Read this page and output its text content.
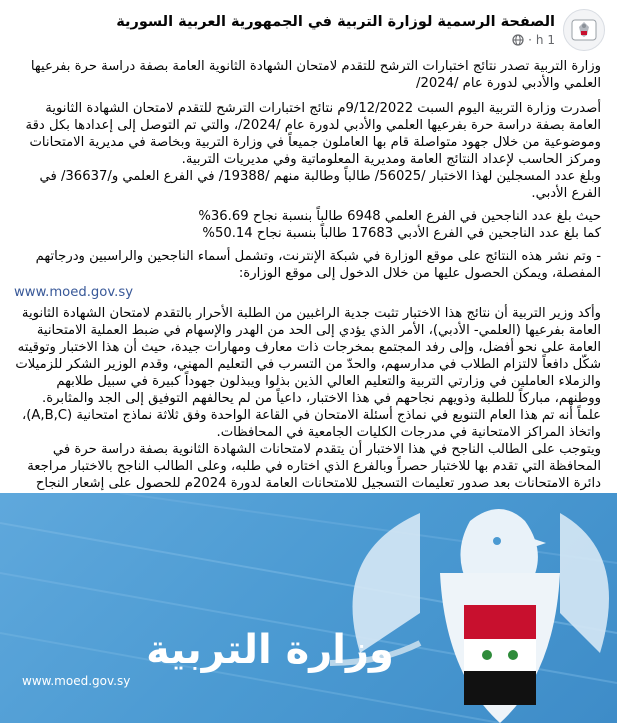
الصفحة الرسمية لوزارة التربية في الجمهورية العربية السورية
1 h
·

وزارة التربية تصدر نتائج اختبارات الترشح للتقدم لامتحان الشهادة الثانوية العامة بصفة دراسة حرة بفرعيها العلمي والأدبي لدورة عام /2024/

أصدرت وزارة التربية اليوم السبت 9/12/2022م نتائج اختبارات الترشح للتقدم لامتحان الشهادة الثانوية العامة بصفة دراسة حرة بفرعيها العلمي والأدبي لدورة عام /2024/، والتي تم التوصل إلى إعدادها بكل دقة وموضوعية من خلال جهود متواصلة قام بها العاملون جميعاً في وزارة التربية وبخاصة في مديرية الامتحانات ومركز الحاسب لإعداد النتائج العامة ومديرية المعلوماتية وفي مديريات التربية.

وبلغ عدد المسجلين لهذا الاختبار /56025/ طالباً وطالبة منهم /19388/ في الفرع العلمي و/36637/ في الفرع الأدبي.

حيث بلغ عدد الناجحين في الفرع العلمي 6948 طالباً بنسبة نجاح 36.69%

كما بلغ عدد الناجحين في الفرع الأدبي 17683 طالباً بنسبة نجاح 50.14%

- وتم نشر هذه النتائج على موقع الوزارة في شبكة الإنترنت، وتشمل أسماء الناجحين والراسبين ودرجاتهم المفصلة، ويمكن الحصول عليها من خلال الدخول إلى موقع الوزارة:

www.moed.gov.sy

وأكد وزير التربية أن نتائج هذا الاختبار تثبت جدية الراغبين من الطلبة الأحرار بالتقدم لامتحان الشهادة الثانوية العامة بفرعيها (العلمي- الأدبي)، الأمر الذي يؤدي إلى الحد من الهدر والإسهام في ضبط العملية الامتحانية العامة على نحو أفضل، وإلى رفد المجتمع بمخرجات ذات معارف ومهارات جيدة، حيث أن هذا الاختبار وتوقيته شكّل دافعاً لالتزام الطلاب في مدارسهم، والحدّ من التسرب في التعليم المهني، وقدم الوزير الشكر للزميلات والزملاء العاملين في وزارتي التربية والتعليم العالي الذين بذلوا ويبذلون جهوداً كبيرة في سبيل طلابهم ووطنهم، مباركاً للطلبة وذويهم نجاحهم في هذا الاختبار، داعياً من لم يحالفهم التوفيق إلى الجد والمثابرة.

علماً أنه تم هذا العام التنويع في نماذج أسئلة الامتحان في القاعة الواحدة وفق ثلاثة نماذج امتحانية (A,B,C)، واتخاذ المراكز الامتحانية في مدرجات الكليات الجامعية في المحافظات.

ويتوجب على الطالب الناجح في هذا الاختبار أن يتقدم لامتحانات الشهادة الثانوية بصفة دراسة حرة في المحافظة التي تقدم بها للاختبار حصراً وبالفرع الذي اختاره في طلبه، وعلى الطالب الناجح بالاختبار مراجعة دائرة الامتحانات بعد صدور تعليمات التسجيل للامتحانات العامة لدورة 2024م للحصول على إشعار النجاح

وزارة التربية
www.moed.gov.sy
